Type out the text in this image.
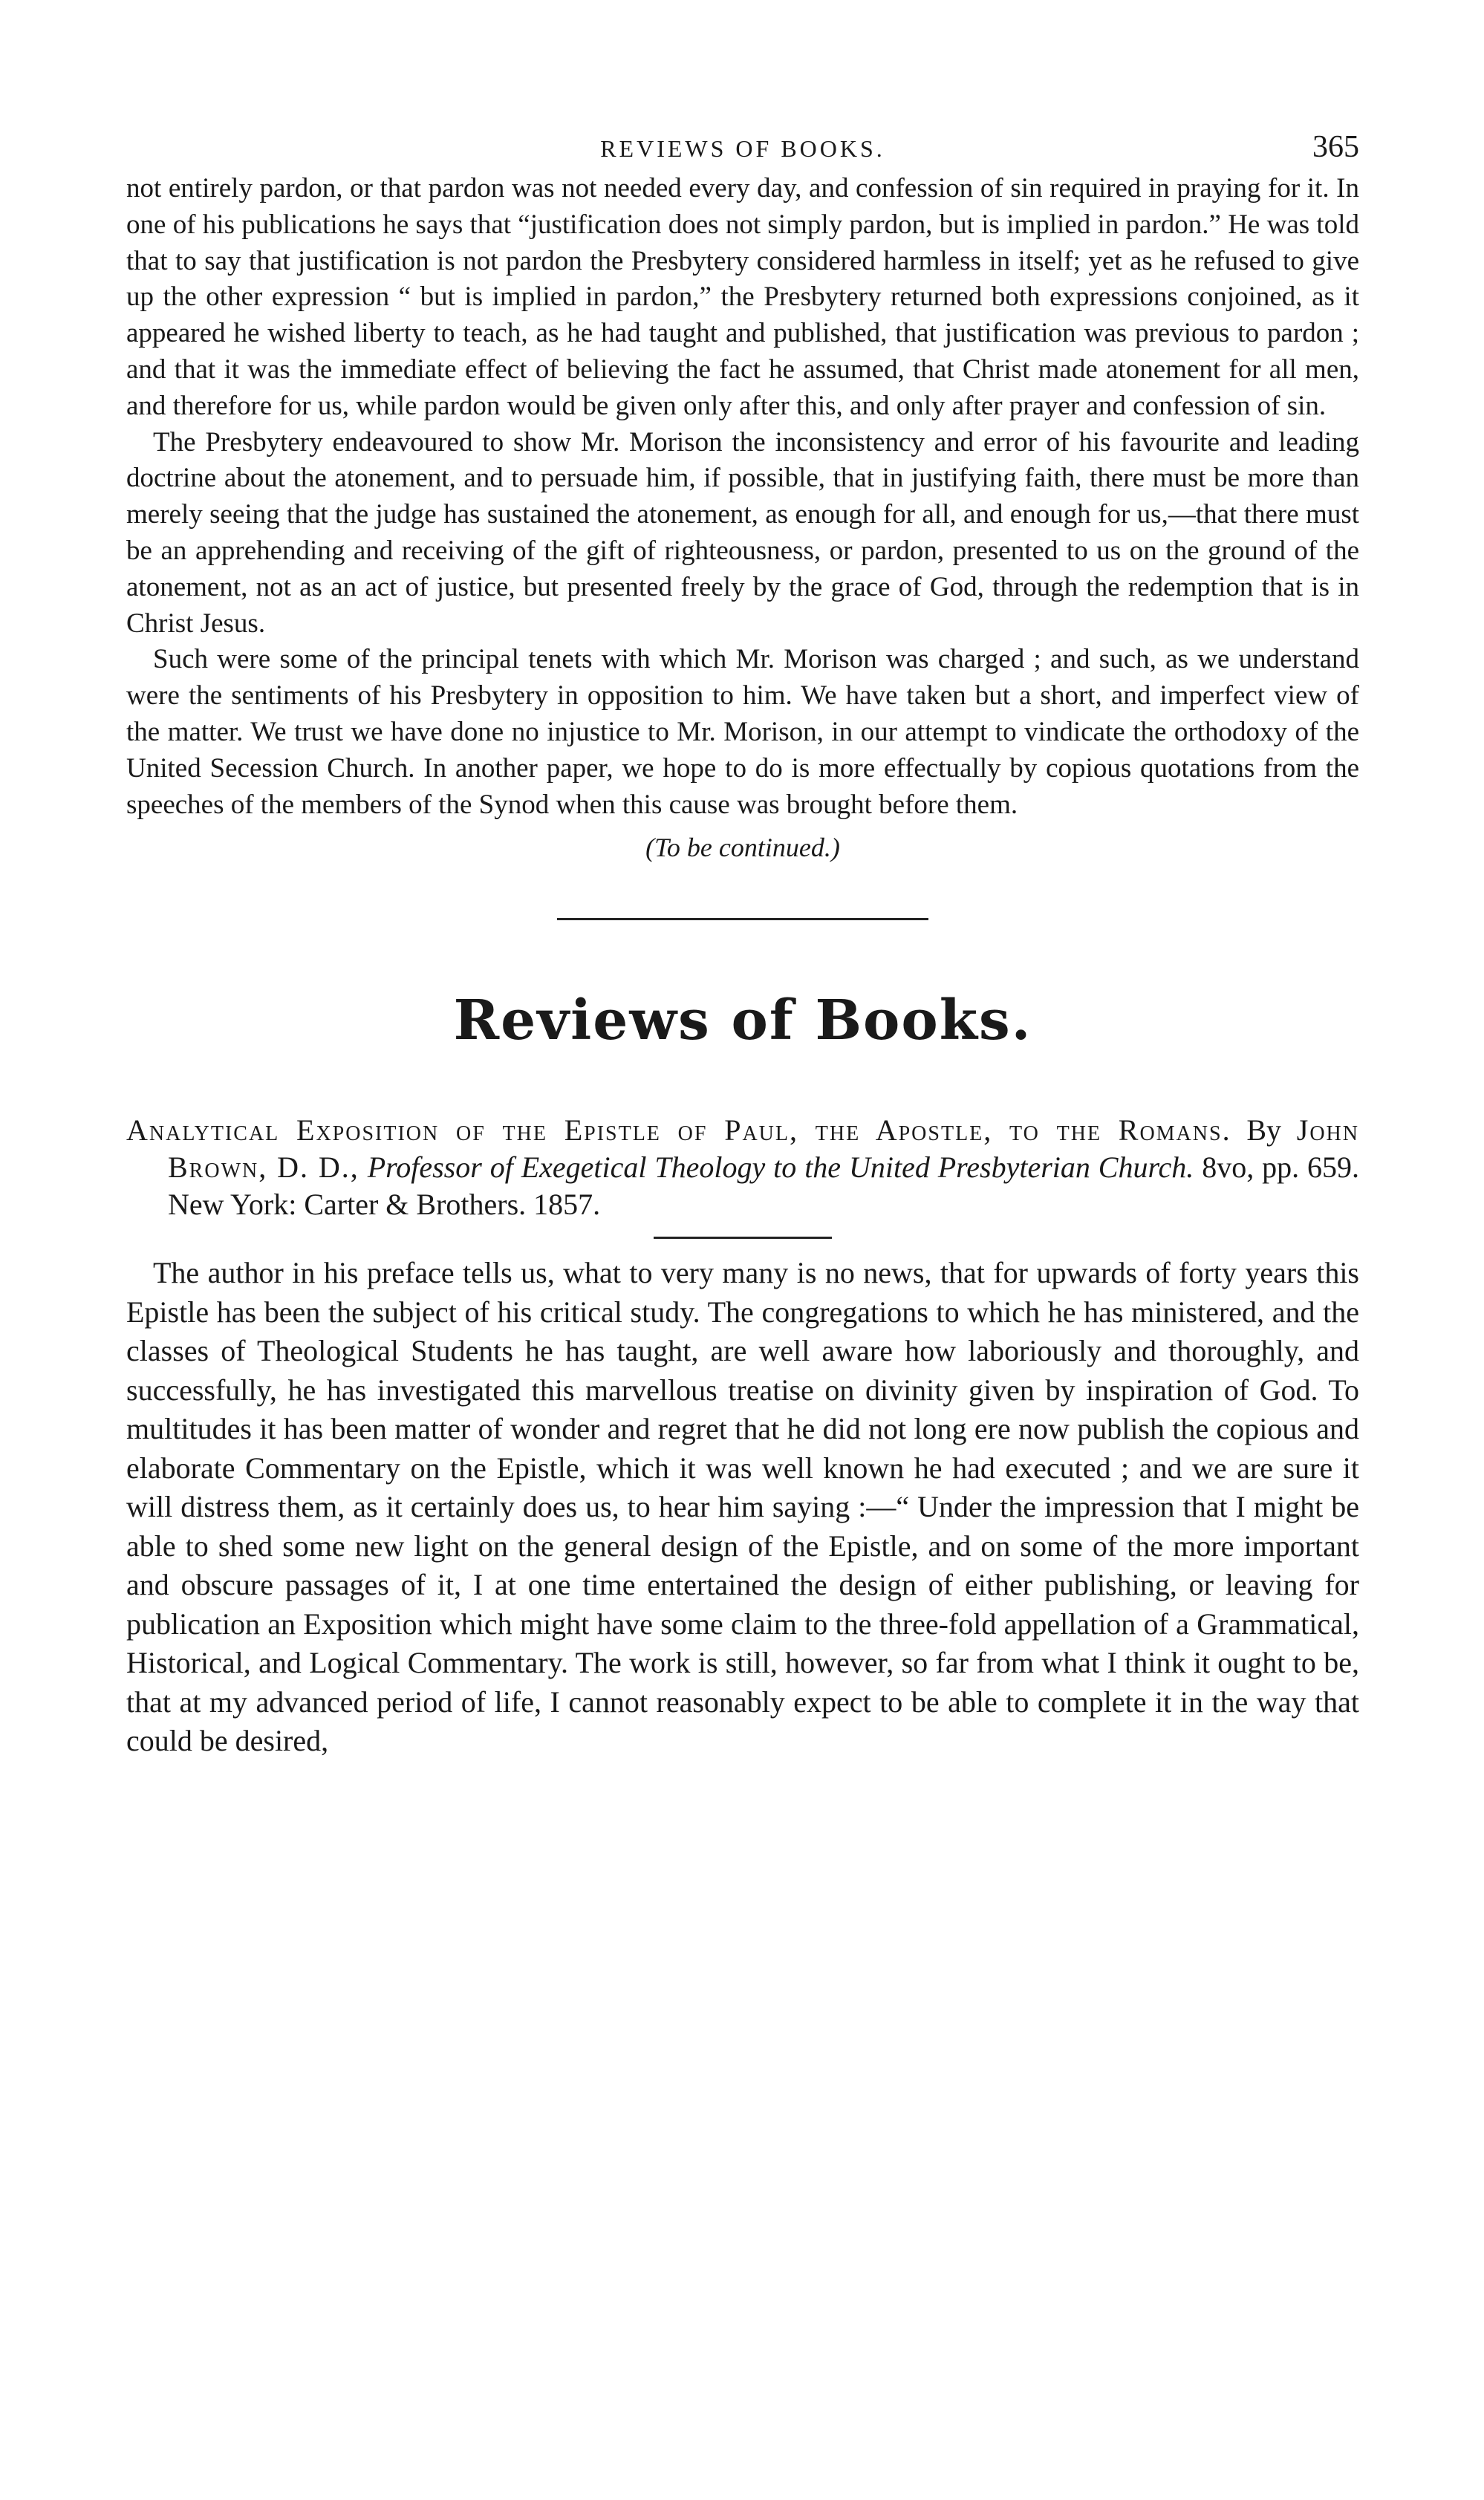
REVIEWS OF BOOKS.	365

not entirely pardon, or that pardon was not needed every day, and confession of sin required in praying for it. In one of his publications he says that “justification does not simply pardon, but is implied in pardon.” He was told that to say that justification is not pardon the Presbytery considered harmless in itself; yet as he refused to give up the other expression “ but is implied in pardon,” the Presbytery returned both expressions conjoined, as it appeared he wished liberty to teach, as he had taught and published, that justification was previous to pardon ; and that it was the immediate effect of believing the fact he assumed, that Christ made atonement for all men, and therefore for us, while pardon would be given only after this, and only after prayer and confession of sin.

The Presbytery endeavoured to show Mr. Morison the inconsistency and error of his favourite and leading doctrine about the atonement, and to persuade him, if possible, that in justifying faith, there must be more than merely seeing that the judge has sustained the atonement, as enough for all, and enough for us,—that there must be an apprehending and receiving of the gift of righteousness, or pardon, presented to us on the ground of the atonement, not as an act of justice, but presented freely by the grace of God, through the redemption that is in Christ Jesus.

Such were some of the principal tenets with which Mr. Morison was charged ; and such, as we understand were the sentiments of his Presbytery in opposition to him. We have taken but a short, and imperfect view of the matter. We trust we have done no injustice to Mr. Morison, in our attempt to vindicate the orthodoxy of the United Secession Church. In another paper, we hope to do is more effectually by copious quotations from the speeches of the members of the Synod when this cause was brought before them.

(To be continued.)
Reviews of Books.
Analytical Exposition of the Epistle of Paul, the Apostle, to the Romans. By John Brown, D. D., Professor of Exegetical Theology to the United Presbyterian Church. 8vo, pp. 659. New York: Carter & Brothers. 1857.

The author in his preface tells us, what to very many is no news, that for upwards of forty years this Epistle has been the subject of his critical study. The congregations to which he has ministered, and the classes of Theological Students he has taught, are well aware how laboriously and thoroughly, and successfully, he has investigated this marvellous treatise on divinity given by inspiration of God. To multitudes it has been matter of wonder and regret that he did not long ere now publish the copious and elaborate Commentary on the Epistle, which it was well known he had executed ; and we are sure it will distress them, as it certainly does us, to hear him saying :—“ Under the impression that I might be able to shed some new light on the general design of the Epistle, and on some of the more important and obscure passages of it, I at one time entertained the design of either publishing, or leaving for publication an Exposition which might have some claim to the three-fold appellation of a Grammatical, Historical, and Logical Commentary. The work is still, however, so far from what I think it ought to be, that at my advanced period of life, I cannot reasonably expect to be able to complete it in the way that could be desired,
